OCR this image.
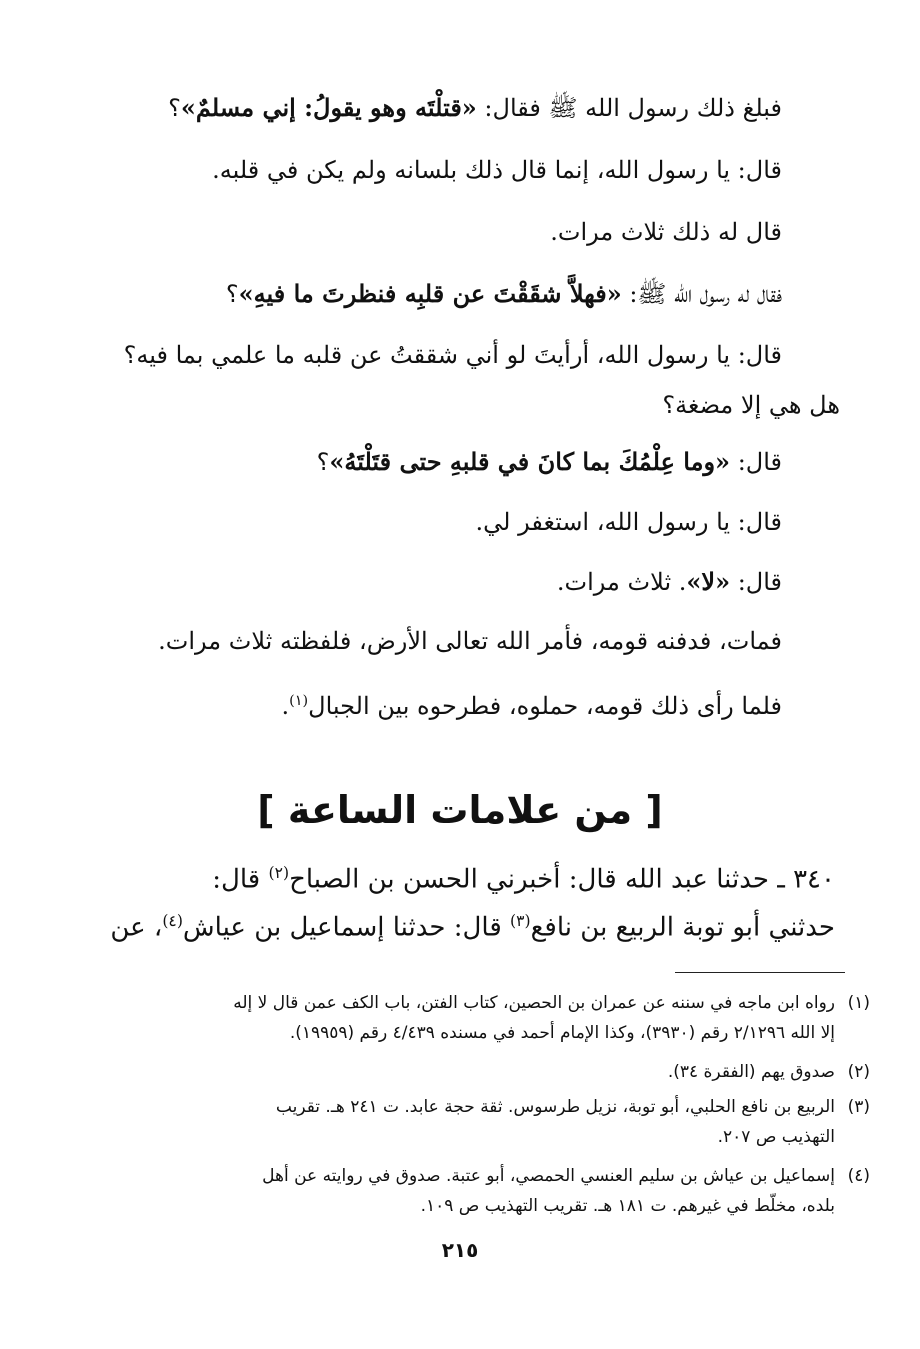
فبلغ ذلك رسول الله ﷺ فقال: «قتلْتَه وهو يقولُ: إني مسلمٌ»؟
قال: يا رسول الله، إنما قال ذلك بلسانه ولم يكن في قلبه.
قال له ذلك ثلاث مرات.
فقال له رسول الله ﷺ: «فهلاَّ شقَقْتَ عن قلبِه فنظرتَ ما فيهِ»؟
قال: يا رسول الله، أرأيتَ لو أني شققتُ عن قلبه ما علمي بما فيه؟
هل هي إلا مضغة؟
قال: «وما عِلْمُكَ بما كانَ في قلبهِ حتى قتَلْتَهُ»؟
قال: يا رسول الله، استغفر لي.
قال: «لا». ثلاث مرات.
فمات، فدفنه قومه، فأمر الله تعالى الأرض، فلفظته ثلاث مرات.
فلما رأى ذلك قومه، حملوه، فطرحوه بين الجبال$^{(١)}$.
[ من علامات الساعة ]
٣٤٠ ـ حدثنا عبد الله قال: أخبرني الحسن بن الصباح$^{(٢)}$ قال:
حدثني أبو توبة الربيع بن نافع$^{(٣)}$ قال: حدثنا إسماعيل بن عياش$^{(٤)}$، عن
(١)
رواه ابن ماجه في سننه عن عمران بن الحصين، كتاب الفتن، باب الكف عمن قال لا إله
إلا الله ٢/١٢٩٦ رقم (٣٩٣٠)، وكذا الإمام أحمد في مسنده ٤/٤٣٩ رقم (١٩٩٥٩).
(٢)
صدوق يهم (الفقرة ٣٤).
(٣)
الربيع بن نافع الحلبي، أبو توبة، نزيل طرسوس. ثقة حجة عابد. ت ٢٤١ هـ. تقريب
التهذيب ص ٢٠٧.
(٤)
إسماعيل بن عياش بن سليم العنسي الحمصي، أبو عتبة. صدوق في روايته عن أهل
بلده، مخلّط في غيرهم. ت ١٨١ هـ. تقريب التهذيب ص ١٠٩.
٢١٥
